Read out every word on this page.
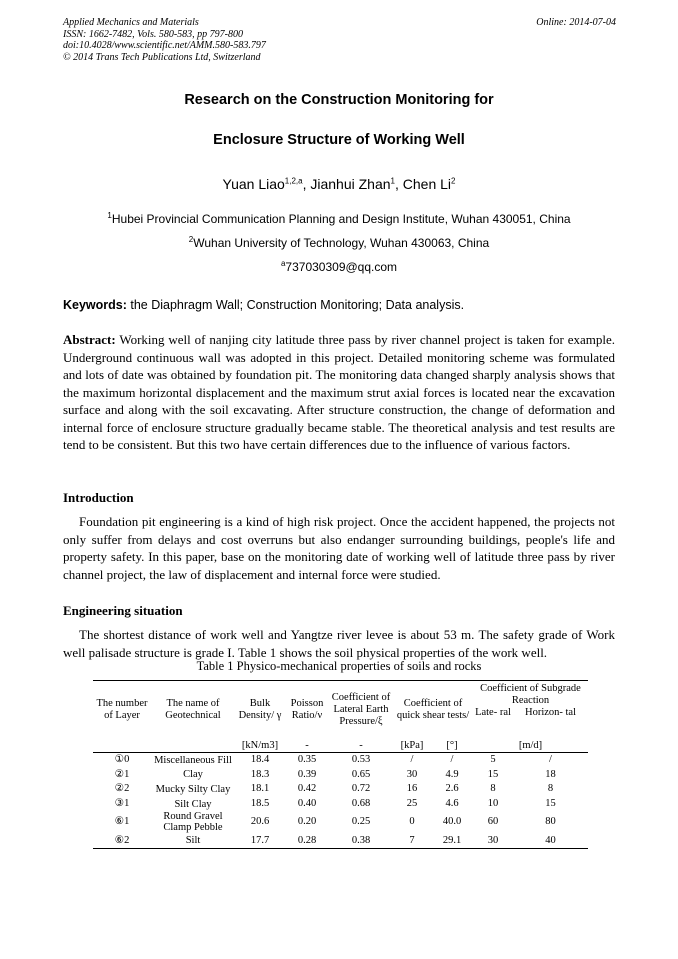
Applied Mechanics and Materials
ISSN: 1662-7482, Vols. 580-583, pp 797-800
doi:10.4028/www.scientific.net/AMM.580-583.797
© 2014 Trans Tech Publications Ltd, Switzerland
Online: 2014-07-04
Research on the Construction Monitoring for
Enclosure Structure of Working Well
Yuan Liao$^{1,2,a}$, Jianhui Zhan$^1$, Chen Li$^2$
$^1$Hubei Provincial Communication Planning and Design Institute, Wuhan 430051, China
$^2$Wuhan University of Technology, Wuhan 430063, China
$^a$737030309@qq.com
Keywords: the Diaphragm Wall; Construction Monitoring; Data analysis.
Abstract: Working well of nanjing city latitude three pass by river channel project is taken for example. Underground continuous wall was adopted in this project. Detailed monitoring scheme was formulated and lots of date was obtained by foundation pit. The monitoring data changed sharply analysis shows that the maximum horizontal displacement and the maximum strut axial forces is located near the excavation surface and along with the soil excavating. After structure construction, the change of deformation and internal force of enclosure structure gradually became stable. The theoretical analysis and test results are tend to be consistent. But this two have certain differences due to the influence of various factors.
Introduction
Foundation pit engineering is a kind of high risk project. Once the accident happened, the projects not only suffer from delays and cost overruns but also endanger surrounding buildings, people's life and property safety. In this paper, base on the monitoring date of working well of latitude three pass by river channel project, the law of displacement and internal force were studied.
Engineering situation
The shortest distance of work well and Yangtze river levee is about 53 m. The safety grade of Work well palisade structure is grade I. Table 1 shows the soil physical properties of the work well.
Table 1 Physico-mechanical properties of soils and rocks
The number of Layer	The name of Geotechnical	Bulk Density/ γ	Poisson Ratio/ν	Coefficient of Lateral Earth Pressure/ξ	Coefficient of quick shear tests/		Coefficient of Subgrade Reaction	
							Late- ral	Horizon- tal
		[kN/m3]	-	-	[kPa]	[°]	[m/d]	
①0	Miscellaneous Fill	18.4	0.35	0.53	/	/	5	/
②1	Clay	18.3	0.39	0.65	30	4.9	15	18
②2	Mucky Silty Clay	18.1	0.42	0.72	16	2.6	8	8
③1	Silt Clay	18.5	0.40	0.68	25	4.6	10	15
⑥1	Round Gravel Clamp Pebble	20.6	0.20	0.25	0	40.0	60	80
⑥2	Silt	17.7	0.28	0.38	7	29.1	30	40
